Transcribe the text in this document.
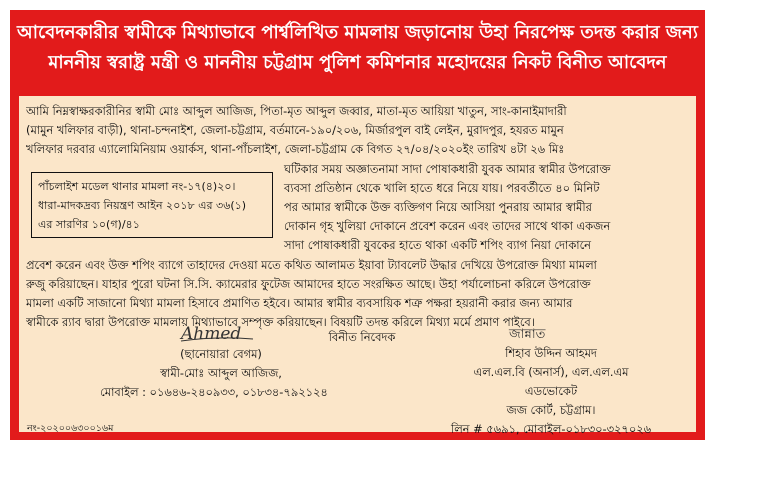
আবেদনকারীর স্বামীকে মিথ্যাভাবে পার্শ্বলিখিত মামলায় জড়ানোয় উহা নিরপেক্ষ তদন্ত করার জন্য
মাননীয় স্বরাষ্ট্র মন্ত্রী ও মাননীয় চট্টগ্রাম পুলিশ কমিশনার মহোদয়ের নিকট বিনীত আবেদন
আমি নিম্নস্বাক্ষরকারীনির স্বামী মোঃ আব্দুল আজিজ, পিতা-মৃত আব্দুল জব্বার, মাতা-মৃত আয়িয়া খাতুন, সাং-কানাইমাদারী
(মামুন খলিফার বাড়ী), থানা-চন্দনাইশ, জেলা-চট্টগ্রাম, বর্তমানে-১৯০/২০৬, মির্জারপুল বাই লেইন, মুরাদপুর, হযরত মামুন
খলিফার দরবার এ্যালোমিনিয়াম ওয়ার্কস, থানা-পাঁচলাইশ, জেলা-চট্টগ্রাম কে বিগত ২৭/০৪/২০২০ইং তারিখ ৪টা ২৬ মিঃ
ঘটিকার সময় অজ্ঞাতনামা সাদা পোষাকধারী যুবক আমার স্বামীর উপরোক্ত
ব্যবসা প্রতিষ্ঠান থেকে খালি হাতে ধরে নিয়ে যায়। পরবর্তীতে ৪০ মিনিট
পর আমার স্বামীকে উক্ত ব্যক্তিগণ নিয়ে আসিয়া পুনরায় আমার স্বামীর
দোকান গৃহ খুলিয়া দোকানে প্রবেশ করেন এবং তাদের সাথে থাকা একজন
সাদা পোষাকধারী যুবকের হাতে থাকা একটি শপিং ব্যাগ নিয়া দোকানে
প্রবেশ করেন এবং উক্ত শপিং ব্যাগে তাহাদের দেওয়া মতে কথিত আলামত ইয়াবা ট্যাবলেট উদ্ধার দেখিয়ে উপরোক্ত মিথ্যা মামলা
রুজু করিয়াছেন। যাহার পুরো ঘটনা সি.সি. ক্যামেরার ফুটেজ আমাদের হাতে সংরক্ষিত আছে। উহা পর্যালোচনা করিলে উপরোক্ত
মামলা একটি সাজানো মিথ্যা মামলা হিসাবে প্রমাণিত হইবে। আমার স্বামীর ব্যবসায়িক শত্রু পক্ষরা হয়রানী করার জন্য আমার
স্বামীকে র‍্যাব দ্বারা উপরোক্ত মামলায় মিথ্যাভাবে সম্পৃক্ত করিয়াছেন। বিষয়টি তদন্ত করিলে মিথ্যা মর্মে প্রমাণ পাইবে।
পাঁচলাইশ মডেল থানার মামলা নং-১৭(৪)২০।
ধারা-মাদকদ্রব্য নিয়ন্ত্রণ আইন ২০১৮ এর ৩৬(১)
এর সারণির ১০(গ)/৪১
Ahmed
(ছানোয়ারা বেগম)
স্বামী-মোঃ আব্দুল আজিজ,
মোবাইল : ০১৬৪৬-২৪০৯৩৩, ০১৮৩৪-৭৯২১২৪
বিনীত নিবেদক	জান্নাত
শিহাব উদ্দিন আহমদ
এল.এল.বি (অনার্স), এল.এল.এম
এডভোকেট
জজ কোর্ট, চট্টগ্রাম।
লিন # ৫৬৯১, মোবাইল-০১৮৩০-৩২৭০২৬
নং-২০২০০৬৩০০১৬ম
